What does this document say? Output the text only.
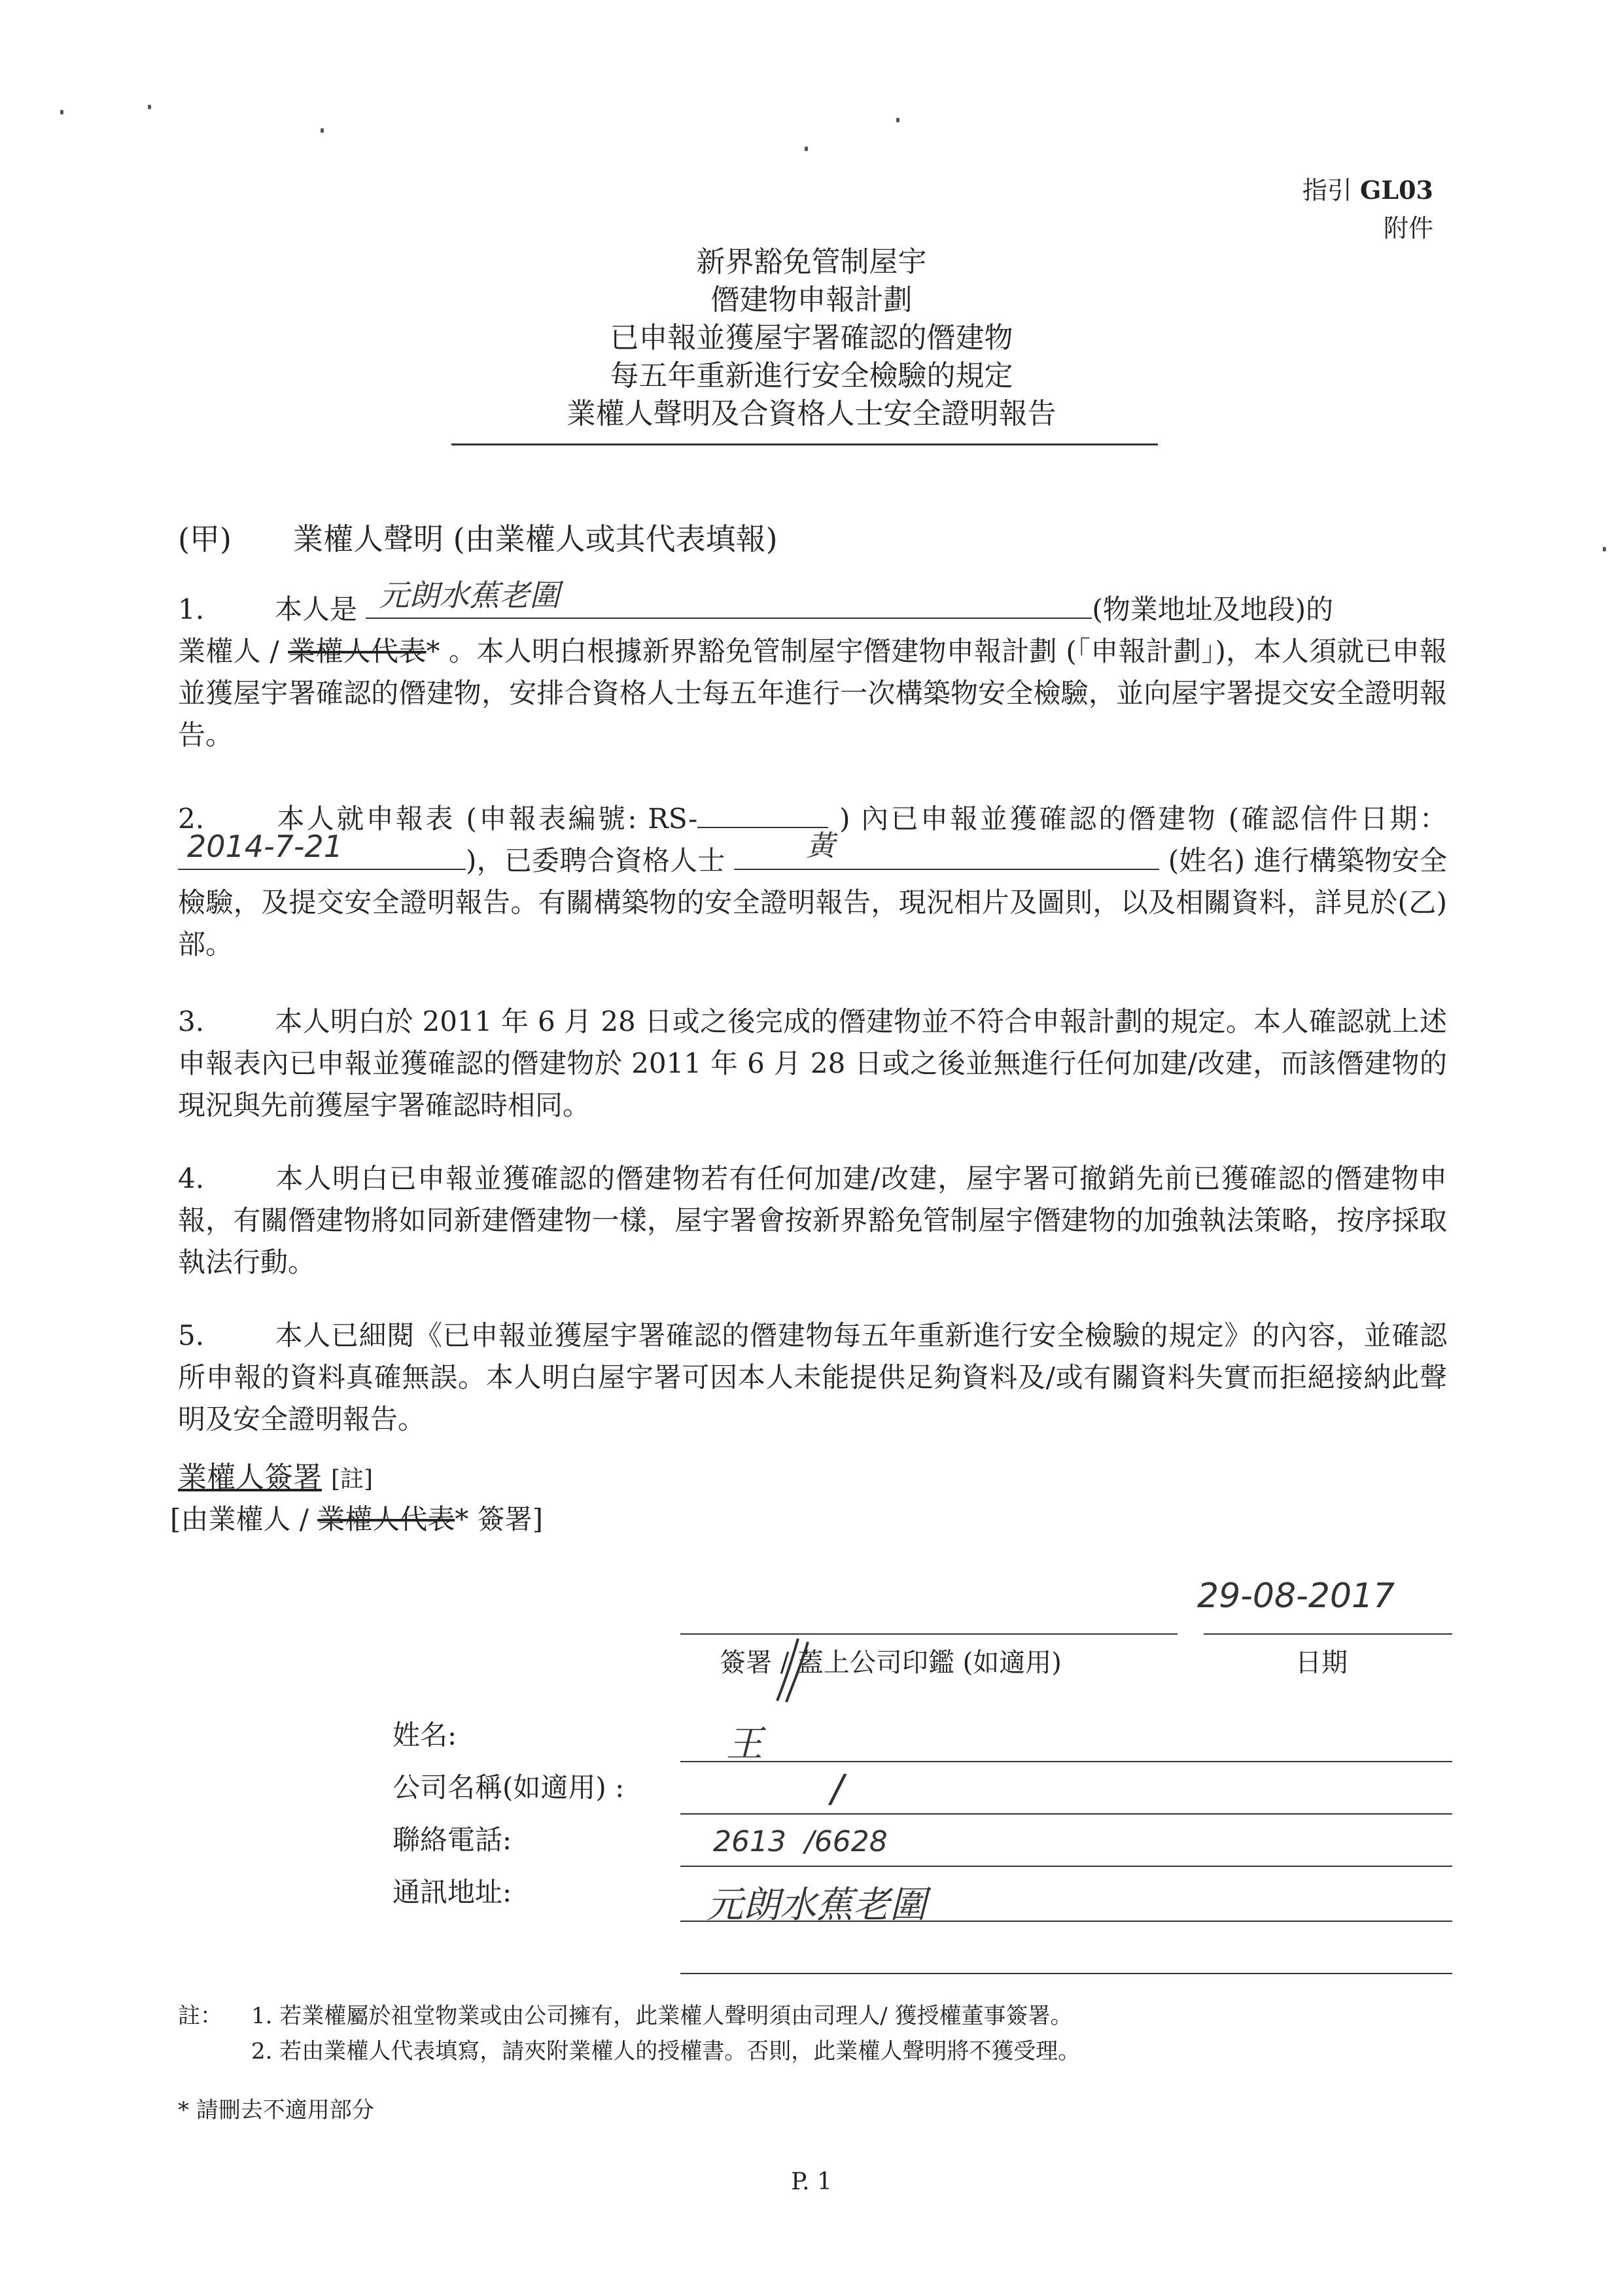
指引 GL03
附件
新界豁免管制屋宇
僭建物申報計劃
已申報並獲屋宇署確認的僭建物
每五年重新進行安全檢驗的規定
業權人聲明及合資格人士安全證明報告
(甲) 業權人聲明 (由業權人或其代表填報)
1.	本人是 元朗水蕉老圍	(物業地址及地段)的
業權人 / 業權人代表* 。本人明白根據新界豁免管制屋宇僭建物申報計劃 (「申報計劃」)，本人須就已申報並獲屋宇署確認的僭建物，安排合資格人士每五年進行一次構築物安全檢驗，並向屋宇署提交安全證明報告。
2.	本人就申報表 (申報表編號: RS-	) 內已申報並獲確認的僭建物 (確認信件日期：
2014-7-21	)，已委聘合資格人士	黃	(姓名) 進行構築物安全檢驗，及提交安全證明報告。有關構築物的安全證明報告，現況相片及圖則，以及相關資料，詳見於(乙)部。
3.	本人明白於 2011 年 6 月 28 日或之後完成的僭建物並不符合申報計劃的規定。本人確認就上述申報表內已申報並獲確認的僭建物於 2011 年 6 月 28 日或之後並無進行任何加建/改建，而該僭建物的現況與先前獲屋宇署確認時相同。
4.	本人明白已申報並獲確認的僭建物若有任何加建/改建，屋宇署可撤銷先前已獲確認的僭建物申報，有關僭建物將如同新建僭建物一樣，屋宇署會按新界豁免管制屋宇僭建物的加強執法策略，按序採取執法行動。
5.	本人已細閱《已申報並獲屋宇署確認的僭建物每五年重新進行安全檢驗的規定》的內容，並確認所申報的資料真確無誤。本人明白屋宇署可因本人未能提供足夠資料及/或有關資料失實而拒絕接納此聲明及安全證明報告。
業權人簽署 [註]
[由業權人 / 業權人代表* 簽署]
29-08-2017
簽署 / 蓋上公司印鑑 (如適用)	日期
姓名:	王
公司名稱(如適用) :	/
聯絡電話:	2613  /6628
通訊地址:	元朗水蕉老圍
註： 1. 若業權屬於祖堂物業或由公司擁有，此業權人聲明須由司理人/ 獲授權董事簽署。
2. 若由業權人代表填寫，請夾附業權人的授權書。否則，此業權人聲明將不獲受理。
* 請刪去不適用部分
P. 1
